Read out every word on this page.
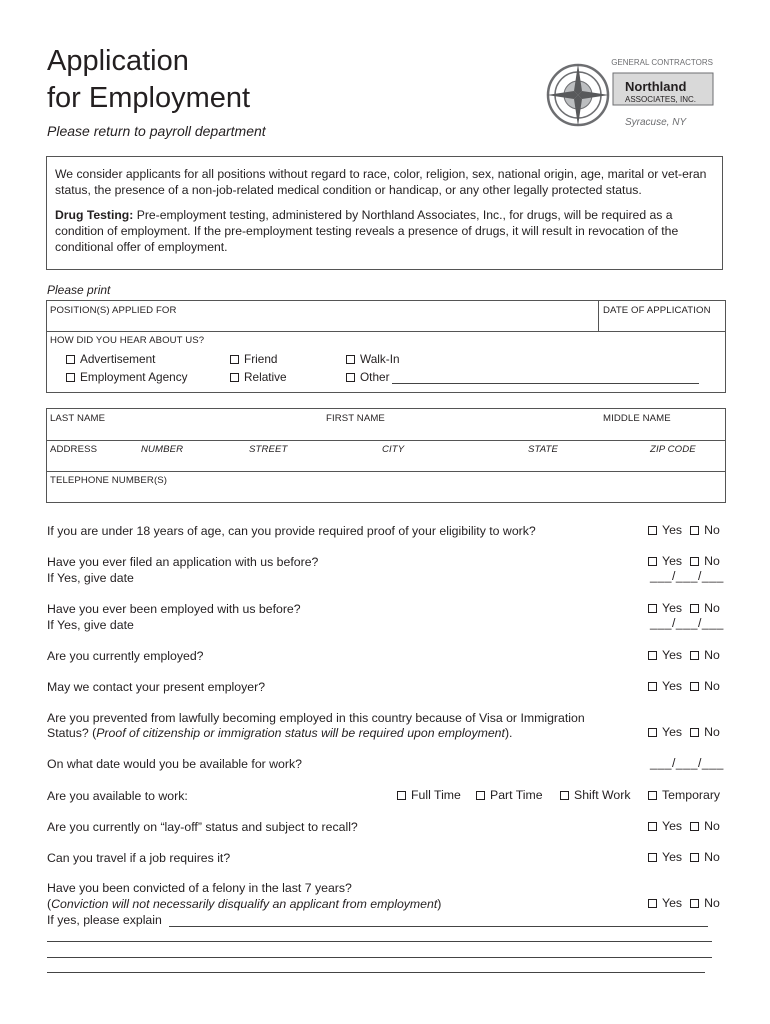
Application
for Employment
Please return to payroll department
GENERAL CONTRACTORS
Northland
ASSOCIATES, INC.
Syracuse, NY

We consider applicants for all positions without regard to race, color, religion, sex, national origin, age, marital or vet-eran status, the presence of a non-job-related medical condition or handicap, or any other legally protected status.

Drug Testing: Pre-employment testing, administered by Northland Associates, Inc., for drugs, will be required as a condition of employment. If the pre-employment testing reveals a presence of drugs, it will result in revocation of the conditional offer of employment.

Please print
POSITION(S) APPLIED FOR	DATE OF APPLICATION
HOW DID YOU HEAR ABOUT US?
Advertisement	Friend	Walk-In
Employment Agency	Relative	Other
LAST NAME	FIRST NAME	MIDDLE NAME
ADDRESS	NUMBER	STREET	CITY	STATE	ZIP CODE
TELEPHONE NUMBER(S)
If you are under 18 years of age, can you provide required proof of your eligibility to work?	Yes No
Have you ever filed an application with us before?
If Yes, give date
Yes No
___/___/___
Have you ever been employed with us before?
If Yes, give date
Yes No
___/___/___
Are you currently employed?	Yes No
May we contact your present employer?	Yes No
Are you prevented from lawfully becoming employed in this country because of Visa or Immigration
Status? (Proof of citizenship or immigration status will be required upon employment).	Yes No
On what date would you be available for work?	___/___/___
Are you available to work:	Full Time Part Time	Shift Work	Temporary
Are you currently on “lay-off” status and subject to recall?	Yes No
Can you travel if a job requires it?	Yes No
Have you been convicted of a felony in the last 7 years?
(Conviction will not necessarily disqualify an applicant from employment)	Yes No
If yes, please explain
